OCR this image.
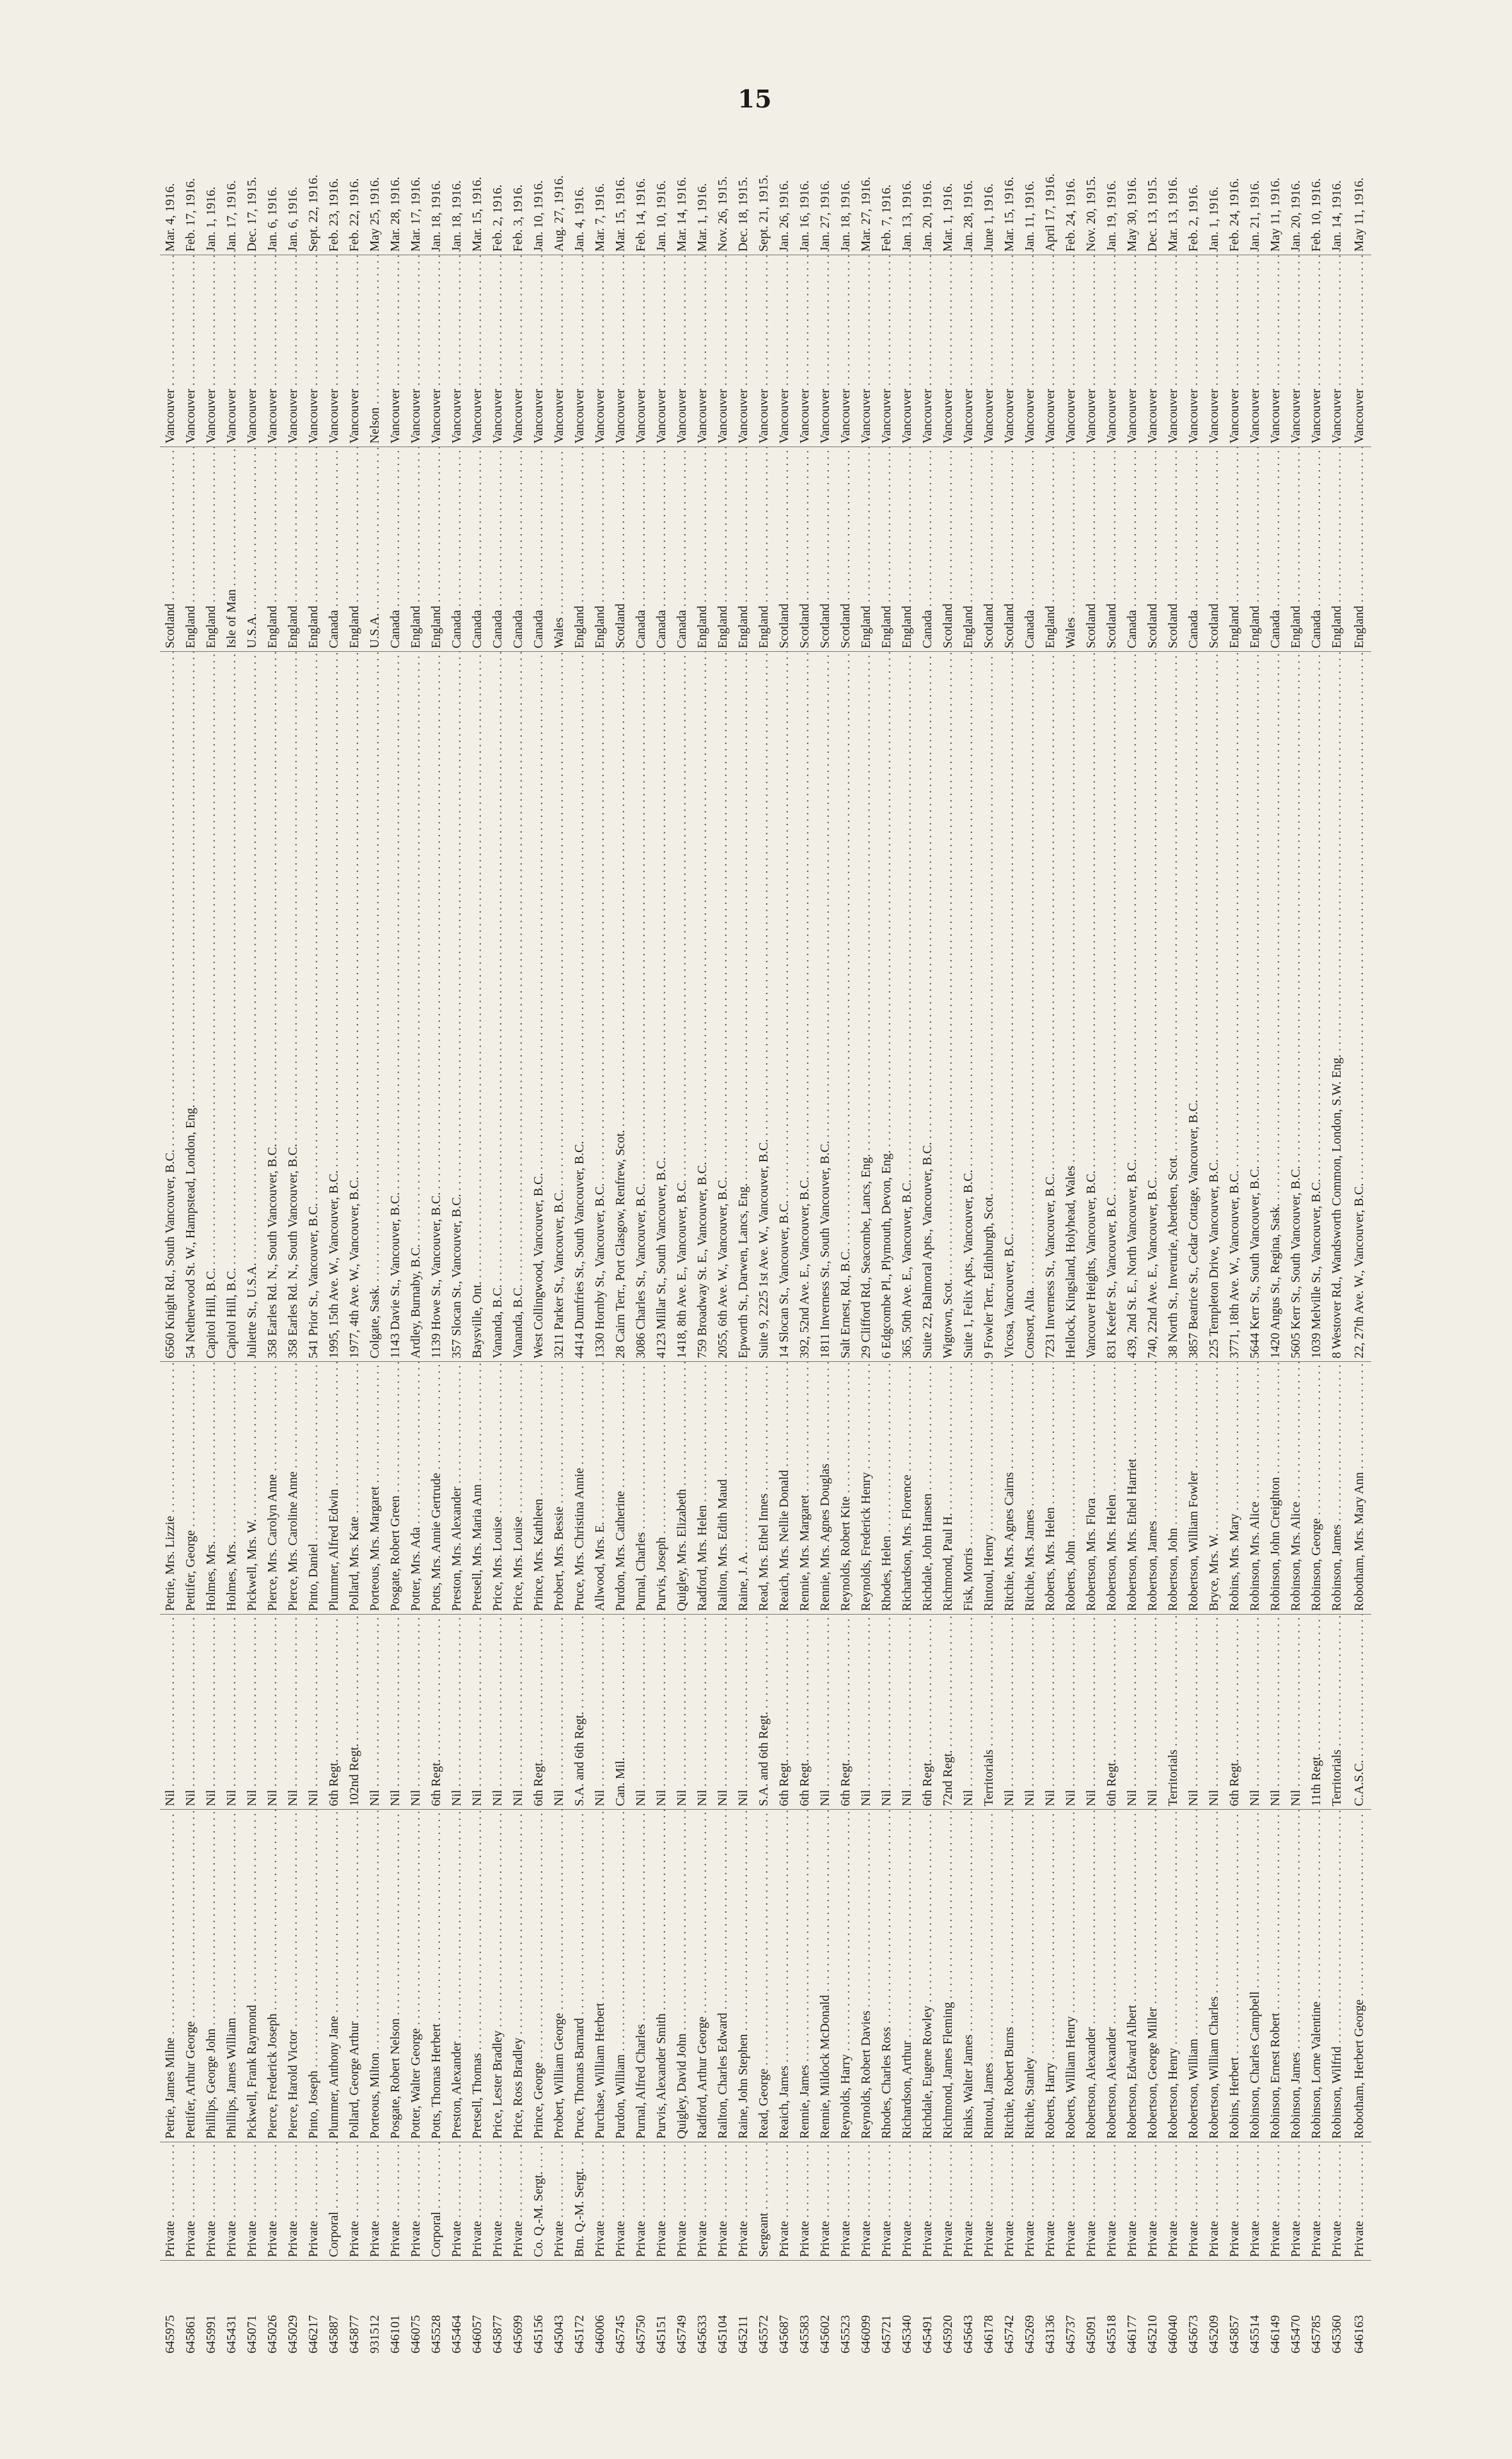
15
645975	Private . . .	Petrie, James Milne . . .	Nil . . .	Petrie, Mrs. Lizzie . . .	6560 Knight Rd., South Vancouver, B.C. . . .	Scotland . . .	Vancouver . . .	Mar. 4, 1916.
645861	Private . . .	Pettifer, Arthur George . . .	Nil . . .	Pettifer, George . . .	54 Netherwood St. W., Hampstead, London, Eng. . . .	England . . .	Vancouver . . .	Feb. 17, 1916.
645991	Private . . .	Phillips, George John . . .	Nil . . .	Holmes, Mrs. . . .	Capitol Hill, B.C. . . .	England . . .	Vancouver . . .	Jan. 1, 1916.
645431	Private . . .	Phillips, James William . . .	Nil . . .	Holmes, Mrs. . . .	Capitol Hill, B.C. . . .	Isle of Man . . .	Vancouver . . .	Jan. 17, 1916.
645071	Private . . .	Pickwell, Frank Raymond . . .	Nil . . .	Pickwell, Mrs. W. . . .	Juliette St., U.S.A. . . .	U.S.A. . . .	Vancouver . . .	Dec. 17, 1915.
645026	Private . . .	Pierce, Frederick Joseph . . .	Nil . . .	Pierce, Mrs. Carolyn Anne . . .	358 Earles Rd. N., South Vancouver, B.C. . . .	England . . .	Vancouver . . .	Jan. 6, 1916.
645029	Private . . .	Pierce, Harold Victor . . .	Nil . . .	Pierce, Mrs. Caroline Anne . . .	358 Earles Rd. N., South Vancouver, B.C. . . .	England . . .	Vancouver . . .	Jan. 6, 1916.
646217	Private . . .	Pinto, Joseph . . .	Nil . . .	Pinto, Daniel . . .	541 Prior St., Vancouver, B.C. . . .	England . . .	Vancouver . . .	Sept. 22, 1916.
645887	Corporal . . .	Plummer, Anthony Jane . . .	6th Regt. . . .	Plummer, Alfred Edwin . . .	1995, 15th Ave. W., Vancouver, B.C. . . .	Canada . . .	Vancouver . . .	Feb. 23, 1916.
645877	Private . . .	Pollard, George Arthur . . .	102nd Regt. . . .	Pollard, Mrs. Kate . . .	1977, 4th Ave. W., Vancouver, B.C. . . .	England . . .	Vancouver . . .	Feb. 22, 1916.
931512	Private . . .	Porteous, Milton . . .	Nil . . .	Porteous, Mrs. Margaret . . .	Colgate, Sask. . . .	U.S.A. . . .	Nelson . . .	May 25, 1916.
646101	Private . . .	Posgate, Robert Nelson . . .	Nil . . .	Posgate, Robert Green . . .	1143 Davie St., Vancouver, B.C. . . .	Canada . . .	Vancouver . . .	Mar. 28, 1916.
646075	Private . . .	Potter, Walter George . . .	Nil . . .	Potter, Mrs. Ada . . .	Ardley, Burnaby, B.C. . . .	England . . .	Vancouver . . .	Mar. 17, 1916.
645528	Corporal . . .	Potts, Thomas Herbert . . .	6th Regt. . . .	Potts, Mrs. Annie Gertrude . . .	1139 Howe St., Vancouver, B.C. . . .	England . . .	Vancouver . . .	Jan. 18, 1916.
645464	Private . . .	Preston, Alexander . . .	Nil . . .	Preston, Mrs. Alexander . . .	357 Slocan St., Vancouver, B.C. . . .	Canada . . .	Vancouver . . .	Jan. 18, 1916.
646057	Private . . .	Pretsell, Thomas . . .	Nil . . .	Pretsell, Mrs. Maria Ann . . .	Baysville, Ont. . . .	Canada . . .	Vancouver . . .	Mar. 15, 1916.
645877	Private . . .	Price, Lester Bradley . . .	Nil . . .	Price, Mrs. Louise . . .	Vananda, B.C. . . .	Canada . . .	Vancouver . . .	Feb. 2, 1916.
645699	Private . . .	Price, Ross Bradley . . .	Nil . . .	Price, Mrs. Louise . . .	Vananda, B.C. . . .	Canada . . .	Vancouver . . .	Feb. 3, 1916.
645156	Co. Q.-M. Sergt. . . .	Prince, George . . .	6th Regt. . . .	Prince, Mrs. Kathleen . . .	West Collingwood, Vancouver, B.C. . . .	Canada . . .	Vancouver . . .	Jan. 10, 1916.
645043	Private . . .	Probert, William George . . .	Nil . . .	Probert, Mrs. Bessie . . .	3211 Parker St., Vancouver, B.C. . . .	Wales . . .	Vancouver . . .	Aug. 27, 1916.
645172	Btn. Q.-M. Sergt. . . .	Pruce, Thomas Barnard . . .	S.A. and 6th Regt. . . .	Pruce, Mrs. Christina Annie . . .	4414 Dumfries St., South Vancouver, B.C. . . .	England . . .	Vancouver . . .	Jan. 4, 1916.
646006	Private . . .	Purchase, William Herbert . . .	Nil . . .	Allwood, Mrs. E. . . .	1330 Hornby St., Vancouver, B.C. . . .	England . . .	Vancouver . . .	Mar. 7, 1916.
645745	Private . . .	Purdon, William . . .	Can. Mil. . . .	Purdon, Mrs. Catherine . . .	28 Cairn Terr., Port Glasgow, Renfrew, Scot. . . .	Scotland . . .	Vancouver . . .	Mar. 15, 1916.
645750	Private . . .	Purnal, Alfred Charles . . .	Nil . . .	Purnal, Charles . . .	3086 Charles St., Vancouver, B.C. . . .	Canada . . .	Vancouver . . .	Feb. 14, 1916.
645151	Private . . .	Purvis, Alexander Smith . . .	Nil . . .	Purvis, Joseph . . .	4123 Millar St., South Vancouver, B.C. . . .	Canada . . .	Vancouver . . .	Jan. 10, 1916.
645749	Private . . .	Quigley, David John . . .	Nil . . .	Quigley, Mrs. Elizabeth . . .	1418, 8th Ave. E., Vancouver, B.C. . . .	Canada . . .	Vancouver . . .	Mar. 14, 1916.
645633	Private . . .	Radford, Arthur George . . .	Nil . . .	Radford, Mrs. Helen . . .	759 Broadway St. E., Vancouver, B.C. . . .	England . . .	Vancouver . . .	Mar. 1, 1916.
645104	Private . . .	Railton, Charles Edward . . .	Nil . . .	Railton, Mrs. Edith Maud . . .	2055, 6th Ave. W., Vancouver, B.C. . . .	England . . .	Vancouver . . .	Nov. 26, 1915.
645211	Private . . .	Raine, John Stephen . . .	Nil . . .	Raine, J. A. . . .	Epworth St., Darwen, Lancs, Eng. . . .	England . . .	Vancouver . . .	Dec. 18, 1915.
645572	Sergeant . . .	Read, George . . .	S.A. and 6th Regt. . . .	Read, Mrs. Ethel Innes . . .	Suite 9, 2225 1st Ave. W., Vancouver, B.C. . . .	England . . .	Vancouver . . .	Sept. 21, 1915.
645687	Private . . .	Reaich, James . . .	6th Regt. . . .	Reaich, Mrs. Nellie Donald . . .	14 Slocan St., Vancouver, B.C. . . .	Scotland . . .	Vancouver . . .	Jan. 26, 1916.
645583	Private . . .	Rennie, James . . .	6th Regt. . . .	Rennie, Mrs. Margaret . . .	392, 52nd Ave. E., Vancouver, B.C. . . .	Scotland . . .	Vancouver . . .	Jan. 16, 1916.
645602	Private . . .	Rennie, Mildock McDonald . . .	Nil . . .	Rennie, Mrs. Agnes Douglas . . .	1811 Inverness St., South Vancouver, B.C. . . .	Scotland . . .	Vancouver . . .	Jan. 27, 1916.
645523	Private . . .	Reynolds, Harry . . .	6th Regt. . . .	Reynolds, Robert Kite . . .	Salt Ernest, Rd., B.C. . . .	Scotland . . .	Vancouver . . .	Jan. 18, 1916.
646099	Private . . .	Reynolds, Robert Davies . . .	Nil . . .	Reynolds, Frederick Henry . . .	29 Clifford Rd., Seacombe, Lancs, Eng. . . .	England . . .	Vancouver . . .	Mar. 27, 1916.
645721	Private . . .	Rhodes, Charles Ross . . .	Nil . . .	Rhodes, Helen . . .	6 Edgcombe Pl., Plymouth, Devon, Eng. . . .	England . . .	Vancouver . . .	Feb. 7, 1916.
645340	Private . . .	Richardson, Arthur . . .	Nil . . .	Richardson, Mrs. Florence . . .	365, 50th Ave. E., Vancouver, B.C. . . .	England . . .	Vancouver . . .	Jan. 13, 1916.
645491	Private . . .	Richdale, Eugene Rowley . . .	6th Regt. . . .	Richdale, John Hansen . . .	Suite 22, Balmoral Apts., Vancouver, B.C. . . .	Canada . . .	Vancouver . . .	Jan. 20, 1916.
645920	Private . . .	Richmond, James Fleming . . .	72nd Regt. . . .	Richmond, Paul H. . . .	Wigtown, Scot. . . .	Scotland . . .	Vancouver . . .	Mar. 1, 1916.
645643	Private . . .	Rinks, Walter James . . .	Nil . . .	Fisk, Morris . . .	Suite 1, Felix Apts., Vancouver, B.C. . . .	England . . .	Vancouver . . .	Jan. 28, 1916.
646178	Private . . .	Rintoul, James . . .	Territorials . . .	Rintoul, Henry . . .	9 Fowler Terr., Edinburgh, Scot. . . .	Scotland . . .	Vancouver . . .	June 1, 1916.
645742	Private . . .	Ritchie, Robert Burns . . .	Nil . . .	Ritchie, Mrs. Agnes Cairns . . .	Vicosa, Vancouver, B.C. . . .	Scotland . . .	Vancouver . . .	Mar. 15, 1916.
645269	Private . . .	Ritchie, Stanley . . .	Nil . . .	Ritchie, Mrs. James . . .	Consort, Alta. . . .	Canada . . .	Vancouver . . .	Jan. 11, 1916.
643136	Private . . .	Roberts, Harry . . .	Nil . . .	Roberts, Mrs. Helen . . .	7231 Inverness St., Vancouver, B.C. . . .	England . . .	Vancouver . . .	April 17, 1916.
645737	Private . . .	Roberts, William Henry . . .	Nil . . .	Roberts, John . . .	Hellock, Kingsland, Holyhead, Wales . . .	Wales . . .	Vancouver . . .	Feb. 24, 1916.
645091	Private . . .	Robertson, Alexander . . .	Nil . . .	Robertson, Mrs. Flora . . .	Vancouver Heights, Vancouver, B.C. . . .	Scotland . . .	Vancouver . . .	Nov. 20, 1915.
645518	Private . . .	Robertson, Alexander . . .	6th Regt. . . .	Robertson, Mrs. Helen . . .	831 Keefer St., Vancouver, B.C. . . .	Scotland . . .	Vancouver . . .	Jan. 19, 1916.
646177	Private . . .	Robertson, Edward Albert . . .	Nil . . .	Robertson, Mrs. Ethel Harriet . . .	439, 2nd St. E., North Vancouver, B.C. . . .	Canada . . .	Vancouver . . .	May 30, 1916.
645210	Private . . .	Robertson, George Miller . . .	Nil . . .	Robertson, James . . .	740, 22nd Ave. E., Vancouver, B.C. . . .	Scotland . . .	Vancouver . . .	Dec. 13, 1915.
646040	Private . . .	Robertson, Henry . . .	Territorials . . .	Robertson, John . . .	38 North St., Inverurie, Aberdeen, Scot. . . .	Scotland . . .	Vancouver . . .	Mar. 13, 1916.
645673	Private . . .	Robertson, William . . .	Nil . . .	Robertson, William Fowler . . .	3857 Beatrice St., Cedar Cottage, Vancouver, B.C. . . .	Canada . . .	Vancouver . . .	Feb. 2, 1916.
645209	Private . . .	Robertson, William Charles . . .	Nil . . .	Bryce, Mrs. W. . . .	225 Templeton Drive, Vancouver, B.C. . . .	Scotland . . .	Vancouver . . .	Jan. 1, 1916.
645857	Private . . .	Robins, Herbert . . .	6th Regt. . . .	Robins, Mrs. Mary . . .	3771, 18th Ave. W., Vancouver, B.C. . . .	England . . .	Vancouver . . .	Feb. 24, 1916.
645514	Private . . .	Robinson, Charles Campbell . . .	Nil . . .	Robinson, Mrs. Alice . . .	5644 Kerr St., South Vancouver, B.C. . . .	England . . .	Vancouver . . .	Jan. 21, 1916.
646149	Private . . .	Robinson, Ernest Robert . . .	Nil . . .	Robinson, John Creighton . . .	1420 Angus St., Regina, Sask. . . .	Canada . . .	Vancouver . . .	May 11, 1916.
645470	Private . . .	Robinson, James . . .	Nil . . .	Robinson, Mrs. Alice . . .	5605 Kerr St., South Vancouver, B.C. . . .	England . . .	Vancouver . . .	Jan. 20, 1916.
645785	Private . . .	Robinson, Lorne Valentine . . .	11th Regt. . . .	Robinson, George . . .	1039 Melville St., Vancouver, B.C. . . .	Canada . . .	Vancouver . . .	Feb. 10, 1916.
645360	Private . . .	Robinson, Wilfrid . . .	Territorials . . .	Robinson, James . . .	8 Westover Rd., Wandsworth Common, London, S.W. Eng. . . .	England . . .	Vancouver . . .	Jan. 14, 1916.
646163	Private . . .	Robotham, Herbert George . . .	C.A.S.C. . . .	Robotham, Mrs. Mary Ann . . .	22, 27th Ave. W., Vancouver, B.C. . . .	England . . .	Vancouver . . .	May 11, 1916.
